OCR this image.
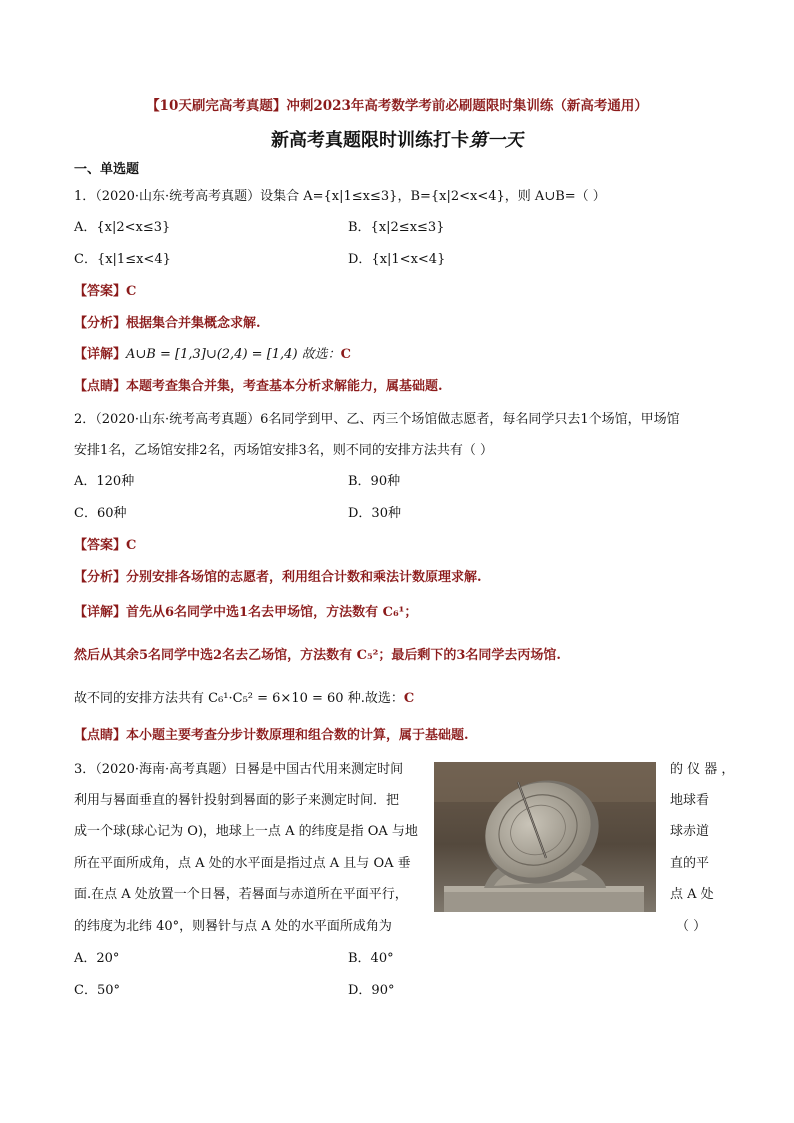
【10天刷完高考真题】冲刺2023年高考数学考前必刷题限时集训练（新高考通用）
新高考真题限时训练打卡第一天
一、单选题
1．（2020·山东·统考高考真题）设集合 A={x|1≤x≤3}，B={x|2<x<4}，则 A∪B=（ ）
A．{x|2<x≤3}	B．{x|2≤x≤3}
C．{x|1≤x<4}	D．{x|1<x<4}
【答案】C
【分析】根据集合并集概念求解.
【详解】A∪B = [1,3]∪(2,4) = [1,4) 故选：C
【点睛】本题考查集合并集，考查基本分析求解能力，属基础题.
2．（2020·山东·统考高考真题）6名同学到甲、乙、丙三个场馆做志愿者，每名同学只去1个场馆，甲场馆
安排1名，乙场馆安排2名，丙场馆安排3名，则不同的安排方法共有（ ）
A．120种	B．90种
C．60种	D．30种
【答案】C
【分析】分别安排各场馆的志愿者，利用组合计数和乘法计数原理求解.
【详解】首先从6名同学中选1名去甲场馆，方法数有 C₆¹；
然后从其余5名同学中选2名去乙场馆，方法数有 C₅²；最后剩下的3名同学去丙场馆.
故不同的安排方法共有 C₆¹·C₅² = 6×10 = 60 种.故选：C
【点睛】本小题主要考查分步计数原理和组合数的计算，属于基础题.
3．（2020·海南·高考真题）日晷是中国古代用来测定时间	的 仪 器 ，
利用与晷面垂直的晷针投射到晷面的影子来测定时间．把	地球看
成一个球(球心记为 O)，地球上一点 A 的纬度是指 OA 与地	球赤道
所在平面所成角，点 A 处的水平面是指过点 A 且与 OA 垂	直的平
面.在点 A 处放置一个日晷，若晷面与赤道所在平面平行，	点 A 处
的纬度为北纬 40°，则晷针与点 A 处的水平面所成角为	（ ）
A．20°	B．40°
C．50°	D．90°
